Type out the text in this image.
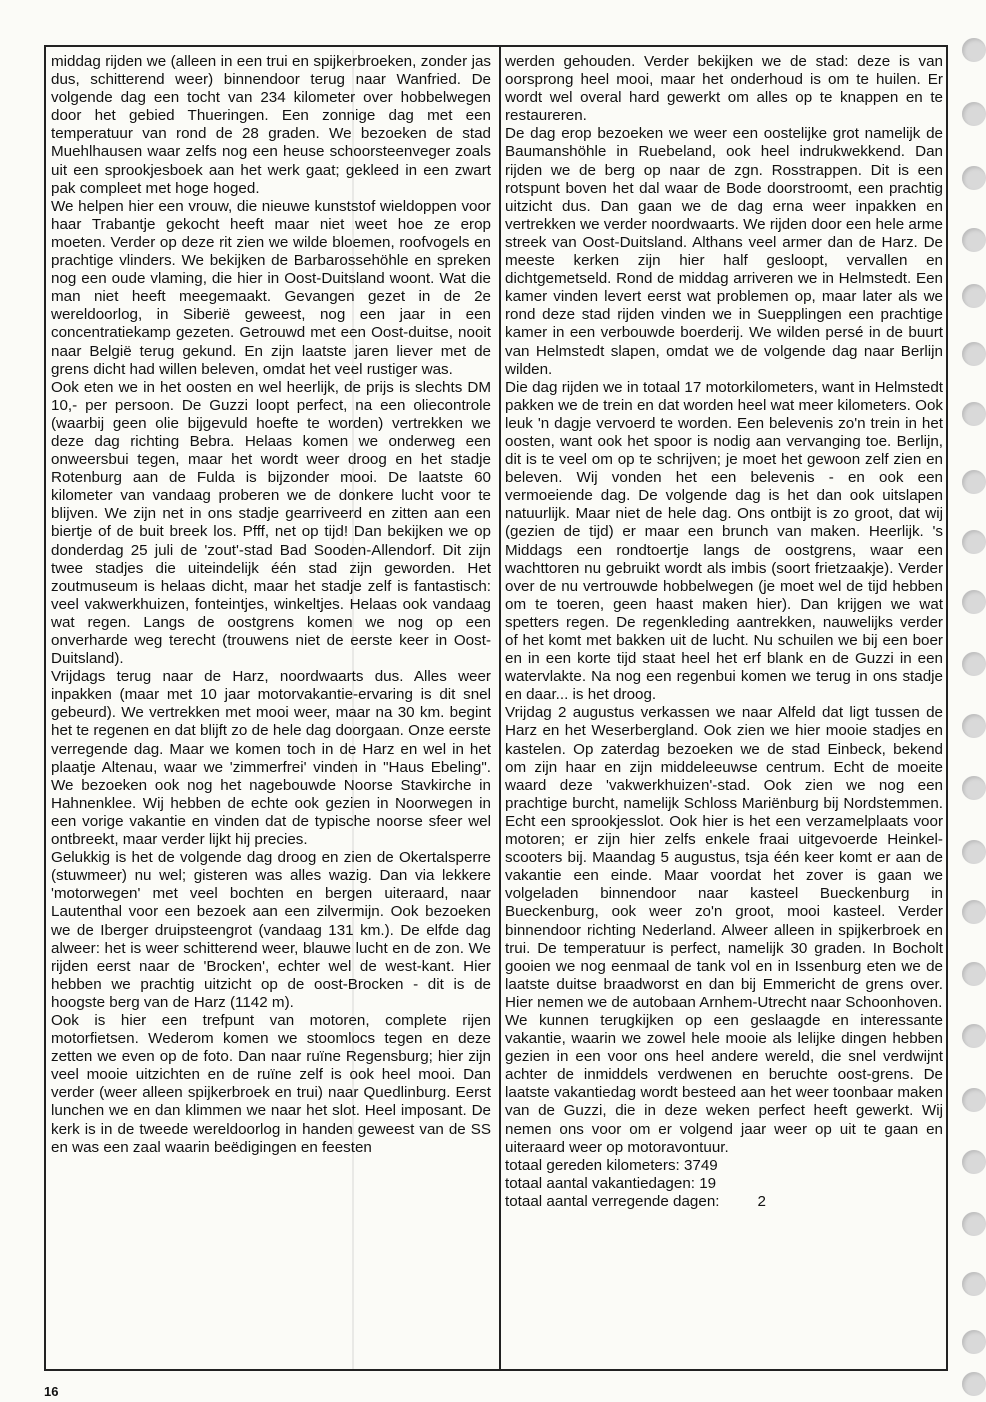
middag rijden we (alleen in een trui en spijkerbroeken, zonder jas dus, schitterend weer) binnendoor terug naar Wanfried. De volgende dag een tocht van 234 kilometer over hobbelwegen door het gebied Thueringen. Een zonnige dag met een temperatuur van rond de 28 graden. We bezoeken de stad Muehlhausen waar zelfs nog een heuse schoorsteenveger zoals uit een sprookjesboek aan het werk gaat; gekleed in een zwart pak compleet met hoge hoged.

We helpen hier een vrouw, die nieuwe kunststof wieldoppen voor haar Trabantje gekocht heeft maar niet weet hoe ze erop moeten. Verder op deze rit zien we wilde bloemen, roofvogels en prachtige vlinders. We bekijken de Barbarossehöhle en spreken nog een oude vlaming, die hier in Oost-Duitsland woont. Wat die man niet heeft meegemaakt. Gevangen gezet in de 2e wereldoorlog, in Siberië geweest, nog een jaar in een concentratiekamp gezeten. Getrouwd met een Oost-duitse, nooit naar België terug gekund. En zijn laatste jaren liever met de grens dicht had willen beleven, omdat het veel rustiger was.

Ook eten we in het oosten en wel heerlijk, de prijs is slechts DM 10,- per persoon. De Guzzi loopt perfect, na een oliecontrole (waarbij geen olie bijgevuld hoefte te worden) vertrekken we deze dag richting Bebra. Helaas komen we onderweg een onweersbui tegen, maar het wordt weer droog en het stadje Rotenburg aan de Fulda is bijzonder mooi. De laatste 60 kilometer van vandaag proberen we de donkere lucht voor te blijven. We zijn net in ons stadje gearriveerd en zitten aan een biertje of de buit breek los. Pfff, net op tijd! Dan bekijken we op donderdag 25 juli de 'zout'-stad Bad Sooden-Allendorf. Dit zijn twee stadjes die uiteindelijk één stad zijn geworden. Het zoutmuseum is helaas dicht, maar het stadje zelf is fantastisch: veel vakwerkhuizen, fonteintjes, winkeltjes. Helaas ook vandaag wat regen. Langs de oostgrens komen we nog op een onverharde weg terecht (trouwens niet de eerste keer in Oost-Duitsland).

Vrijdags terug naar de Harz, noordwaarts dus. Alles weer inpakken (maar met 10 jaar motorvakantie-ervaring is dit snel gebeurd). We vertrekken met mooi weer, maar na 30 km. begint het te regenen en dat blijft zo de hele dag doorgaan. Onze eerste verregende dag. Maar we komen toch in de Harz en wel in het plaatje Altenau, waar we 'zimmerfrei' vinden in "Haus Ebeling". We bezoeken ook nog het nagebouwde Noorse Stavkirche in Hahnenklee. Wij hebben de echte ook gezien in Noorwegen in een vorige vakantie en vinden dat de typische noorse sfeer wel ontbreekt, maar verder lijkt hij precies.

Gelukkig is het de volgende dag droog en zien de Okertalsperre (stuwmeer) nu wel; gisteren was alles wazig. Dan via lekkere 'motorwegen' met veel bochten en bergen uiteraard, naar Lautenthal voor een bezoek aan een zilvermijn. Ook bezoeken we de Iberger druipsteengrot (vandaag 131 km.). De elfde dag alweer: het is weer schitterend weer, blauwe lucht en de zon. We rijden eerst naar de 'Brocken', echter wel de west-kant. Hier hebben we prachtig uitzicht op de oost-Brocken - dit is de hoogste berg van de Harz (1142 m).

Ook is hier een trefpunt van motoren, complete rijen motorfietsen. Wederom komen we stoomlocs tegen en deze zetten we even op de foto. Dan naar ruïne Regensburg; hier zijn veel mooie uitzichten en de ruïne zelf is ook heel mooi. Dan verder (weer alleen spijkerbroek en trui) naar Quedlinburg. Eerst lunchen we en dan klimmen we naar het slot. Heel imposant. De kerk is in de tweede wereldoorlog in handen geweest van de SS en was een zaal waarin beëdigingen en feesten

werden gehouden. Verder bekijken we de stad: deze is van oorsprong heel mooi, maar het onderhoud is om te huilen. Er wordt wel overal hard gewerkt om alles op te knappen en te restaureren.

De dag erop bezoeken we weer een oostelijke grot namelijk de Baumanshöhle in Ruebeland, ook heel indrukwekkend. Dan rijden we de berg op naar de zgn. Rosstrappen. Dit is een rotspunt boven het dal waar de Bode doorstroomt, een prachtig uitzicht dus. Dan gaan we de dag erna weer inpakken en vertrekken we verder noordwaarts. We rijden door een hele arme streek van Oost-Duitsland. Althans veel armer dan de Harz. De meeste kerken zijn hier half gesloopt, vervallen en dichtgemetseld. Rond de middag arriveren we in Helmstedt. Een kamer vinden levert eerst wat problemen op, maar later als we rond deze stad rijden vinden we in Suepplingen een prachtige kamer in een verbouwde boerderij. We wilden persé in de buurt van Helmstedt slapen, omdat we de volgende dag naar Berlijn wilden.

Die dag rijden we in totaal 17 motorkilometers, want in Helmstedt pakken we de trein en dat worden heel wat meer kilometers. Ook leuk 'n dagje vervoerd te worden. Een belevenis zo'n trein in het oosten, want ook het spoor is nodig aan vervanging toe. Berlijn, dit is te veel om op te schrijven; je moet het gewoon zelf zien en beleven. Wij vonden het een belevenis - en ook een vermoeiende dag. De volgende dag is het dan ook uitslapen natuurlijk. Maar niet de hele dag. Ons ontbijt is zo groot, dat wij (gezien de tijd) er maar een brunch van maken. Heerlijk. 's Middags een rondtoertje langs de oostgrens, waar een wachttoren nu gebruikt wordt als imbis (soort frietzaakje). Verder over de nu vertrouwde hobbelwegen (je moet wel de tijd hebben om te toeren, geen haast maken hier). Dan krijgen we wat spetters regen. De regenkleding aantrekken, nauwelijks verder of het komt met bakken uit de lucht. Nu schuilen we bij een boer en in een korte tijd staat heel het erf blank en de Guzzi in een watervlakte. Na nog een regenbui komen we terug in ons stadje en daar... is het droog.

Vrijdag 2 augustus verkassen we naar Alfeld dat ligt tussen de Harz en het Weserbergland. Ook zien we hier mooie stadjes en kastelen. Op zaterdag bezoeken we de stad Einbeck, bekend om zijn haar en zijn middeleeuwse centrum. Echt de moeite waard deze 'vakwerkhuizen'-stad. Ook zien we nog een prachtige burcht, namelijk Schloss Mariënburg bij Nordstemmen. Echt een sprookjesslot. Ook hier is het een verzamelplaats voor motoren; er zijn hier zelfs enkele fraai uitgevoerde Heinkel-scooters bij. Maandag 5 augustus, tsja één keer komt er aan de vakantie een einde. Maar voordat het zover is gaan we volgeladen binnendoor naar kasteel Bueckenburg in Bueckenburg, ook weer zo'n groot, mooi kasteel. Verder binnendoor richting Nederland. Alweer alleen in spijkerbroek en trui. De temperatuur is perfect, namelijk 30 graden. In Bocholt gooien we nog eenmaal de tank vol en in Issenburg eten we de laatste duitse braadworst en dan bij Emmericht de grens over. Hier nemen we de autobaan Arnhem-Utrecht naar Schoonhoven.

We kunnen terugkijken op een geslaagde en interessante vakantie, waarin we zowel hele mooie als lelijke dingen hebben gezien in een voor ons heel andere wereld, die snel verdwijnt achter de inmiddels verdwenen en beruchte oost-grens. De laatste vakantiedag wordt besteed aan het weer toonbaar maken van de Guzzi, die in deze weken perfect heeft gewerkt. Wij nemen ons voor om er volgend jaar weer op uit te gaan en uiteraard weer op motoravontuur.

totaal gereden kilometers: 3749

totaal aantal vakantiedagen: 19

totaal aantal verregende dagen:	2

16
